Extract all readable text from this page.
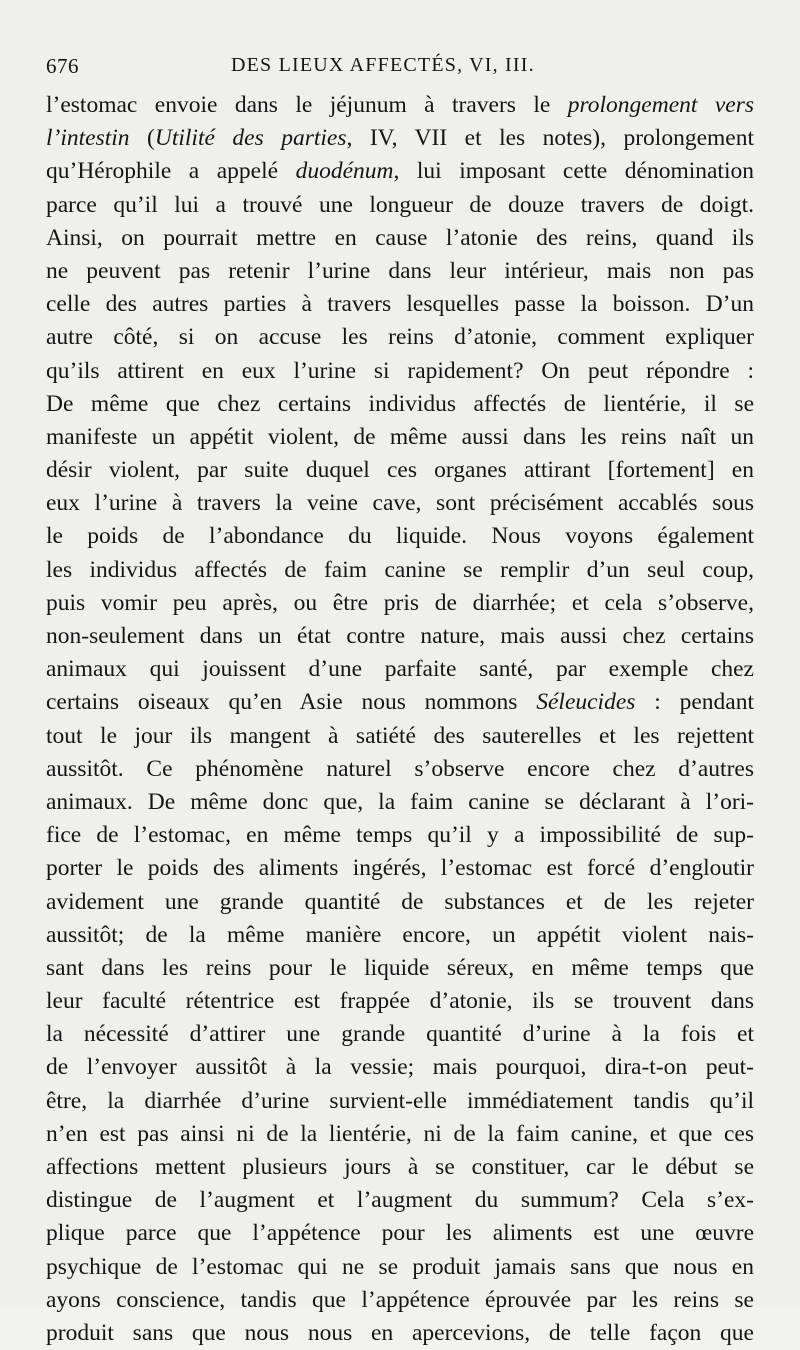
676	DES LIEUX AFFECTÉS, VI, III.
l’estomac envoie dans le jéjunum à travers le prolongement vers
l’intestin (Utilité des parties, IV, VII et les notes), prolongement
qu’Hérophile a appelé duodénum, lui imposant cette dénomination
parce qu’il lui a trouvé une longueur de douze travers de doigt.
Ainsi, on pourrait mettre en cause l’atonie des reins, quand ils
ne peuvent pas retenir l’urine dans leur intérieur, mais non pas
celle des autres parties à travers lesquelles passe la boisson. D’un
autre côté, si on accuse les reins d’atonie, comment expliquer
qu’ils attirent en eux l’urine si rapidement? On peut répondre :
De même que chez certains individus affectés de lientérie, il se
manifeste un appétit violent, de même aussi dans les reins naît un
désir violent, par suite duquel ces organes attirant [fortement] en
eux l’urine à travers la veine cave, sont précisément accablés sous
le poids de l’abondance du liquide. Nous voyons également
les individus affectés de faim canine se remplir d’un seul coup,
puis vomir peu après, ou être pris de diarrhée; et cela s’observe,
non-seulement dans un état contre nature, mais aussi chez certains
animaux qui jouissent d’une parfaite santé, par exemple chez
certains oiseaux qu’en Asie nous nommons Séleucides : pendant
tout le jour ils mangent à satiété des sauterelles et les rejettent
aussitôt. Ce phénomène naturel s’observe encore chez d’autres
animaux. De même donc que, la faim canine se déclarant à l’ori-
fice de l’estomac, en même temps qu’il y a impossibilité de sup-
porter le poids des aliments ingérés, l’estomac est forcé d’engloutir
avidement une grande quantité de substances et de les rejeter
aussitôt; de la même manière encore, un appétit violent nais-
sant dans les reins pour le liquide séreux, en même temps que
leur faculté rétentrice est frappée d’atonie, ils se trouvent dans
la nécessité d’attirer une grande quantité d’urine à la fois et
de l’envoyer aussitôt à la vessie; mais pourquoi, dira-t-on peut-
être, la diarrhée d’urine survient-elle immédiatement tandis qu’il
n’en est pas ainsi ni de la lientérie, ni de la faim canine, et que ces
affections mettent plusieurs jours à se constituer, car le début se
distingue de l’augment et l’augment du summum? Cela s’ex-
plique parce que l’appétence pour les aliments est une œuvre
psychique de l’estomac qui ne se produit jamais sans que nous en
ayons conscience, tandis que l’appétence éprouvée par les reins se
produit sans que nous nous en apercevions, de telle façon que
